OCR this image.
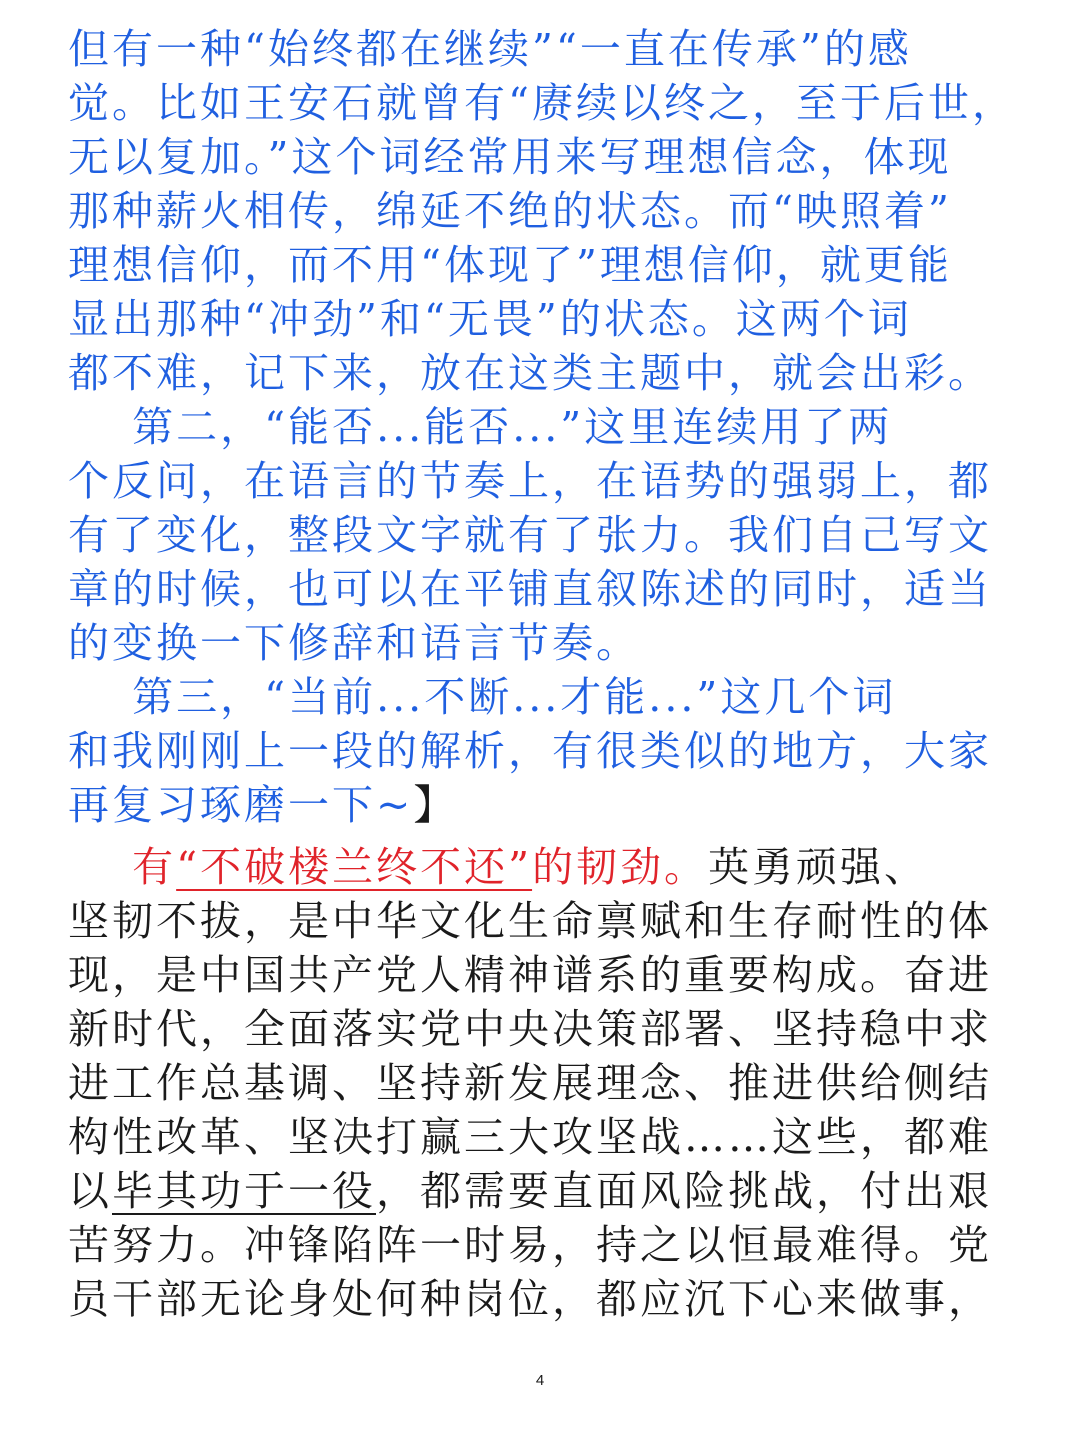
但有一种“始终都在继续”“一直在传承”的感
觉。比如王安石就曾有“赓续以终之，至于后世，
无以复加。”这个词经常用来写理想信念，体现
那种薪火相传，绵延不绝的状态。而“映照着”
理想信仰，而不用“体现了”理想信仰，就更能
显出那种“冲劲”和“无畏”的状态。这两个词
都不难，记下来，放在这类主题中，就会出彩。
第二，“能否...能否...”这里连续用了两
个反问，在语言的节奏上，在语势的强弱上，都
有了变化，整段文字就有了张力。我们自己写文
章的时候，也可以在平铺直叙陈述的同时，适当
的变换一下修辞和语言节奏。
第三，“当前...不断...才能...”这几个词
和我刚刚上一段的解析，有很类似的地方，大家
再复习琢磨一下~】
有“不破楼兰终不还”的韧劲。英勇顽强、
坚韧不拔，是中华文化生命禀赋和生存耐性的体
现，是中国共产党人精神谱系的重要构成。奋进
新时代，全面落实党中央决策部署、坚持稳中求
进工作总基调、坚持新发展理念、推进供给侧结
构性改革、坚决打赢三大攻坚战……这些，都难
以毕其功于一役，都需要直面风险挑战，付出艰
苦努力。冲锋陷阵一时易，持之以恒最难得。党
员干部无论身处何种岗位，都应沉下心来做事，
4
